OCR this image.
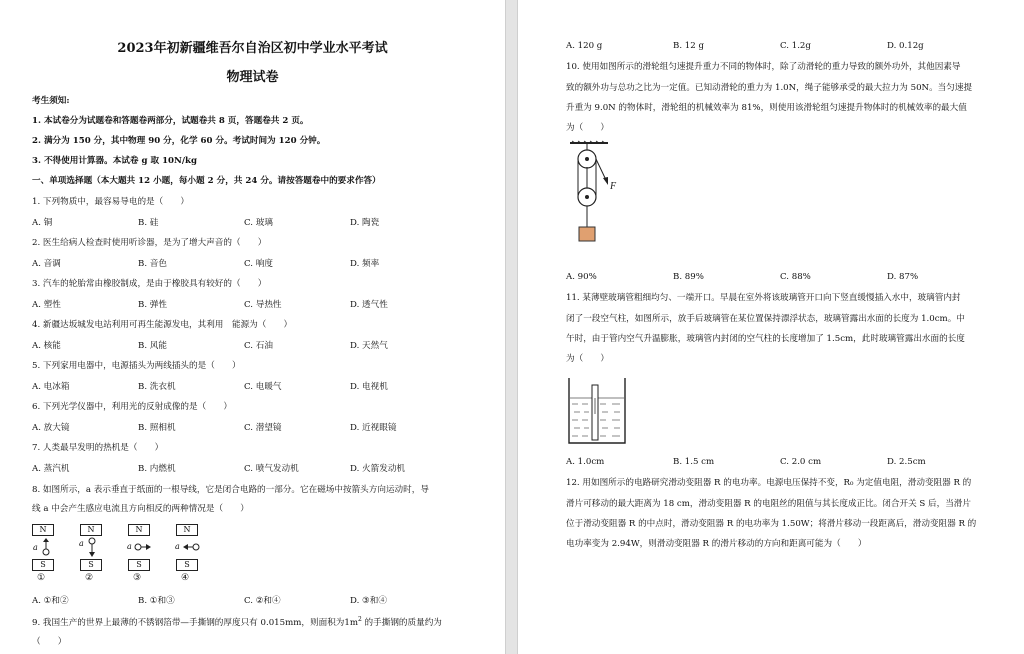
2023年初新疆维吾尔自治区初中学业水平考试
物理试卷
考生须知:
1. 本试卷分为试题卷和答题卷两部分，试题卷共 8 页，答题卷共 2 页。
2. 满分为 150 分，其中物理 90 分，化学 60 分。考试时间为 120 分钟。
3. 不得使用计算器。本试卷 g 取 10N/kg
一、单项选择题（本大题共 12 小题，每小题 2 分，共 24 分。请按答题卷中的要求作答）
1. 下列物质中，最容易导电的是（　　）
A. 铜	B. 硅	C. 玻璃	D. 陶瓷
2. 医生给病人检查时使用听诊器，是为了增大声音的（　　）
A. 音调	B. 音色	C. 响度	D. 频率
3. 汽车的轮胎常由橡胶制成，是由于橡胶具有较好的（　　）
A. 塑性	B. 弹性	C. 导热性	D. 透气性
4. 新疆达坂城发电站利用可再生能源发电，其利用　能源为（　　）
A. 核能	B. 风能	C. 石油	D. 天然气
5. 下列家用电器中，电源插头为两线插头的是（　　）
A. 电冰箱	B. 洗衣机	C. 电暖气	D. 电视机
6. 下列光学仪器中，利用光的反射成像的是（　　）
A. 放大镜	B. 照相机	C. 潜望镜	D. 近视眼镜
7. 人类最早发明的热机是（　　）
A. 蒸汽机	B. 内燃机	C. 喷气发动机	D. 火箭发动机
8. 如图所示，a 表示垂直于纸面的一根导线，它是闭合电路的一部分。它在磁场中按箭头方向运动时，导
线 a 中会产生感应电流且方向相反的两种情况是（　　）
N
S
a
①
N
S
a
②
N
S
a
③
N
S
a
④
A. ①和②	B. ①和③	C. ②和④	D. ③和④
9. 我国生产的世界上最薄的不锈钢箔带—手撕钢的厚度只有 0.015mm，则面积为$1m^2$ 的手撕钢的质量约为
（　　）
A. 120 g	B. 12 g	C. 1.2g	D. 0.12g
10. 使用如图所示的滑轮组匀速提升重力不同的物体时，除了动滑轮的重力导致的额外功外，其他因素导
致的额外功与总功之比为一定值。已知动滑轮的重力为 1.0N，绳子能够承受的最大拉力为 50N。当匀速提
升重为 9.0N 的物体时，滑轮组的机械效率为 81%，则使用该滑轮组匀速提升物体时的机械效率的最大值
为（　　）
F
A. 90%	B. 89%	C. 88%	D. 87%
11. 某薄壁玻璃管粗细均匀、一端开口。早晨在室外将该玻璃管开口向下竖直缓慢插入水中，玻璃管内封
闭了一段空气柱，如图所示，放手后玻璃管在某位置保持漂浮状态，玻璃管露出水面的长度为 1.0cm。中
午时，由于管内空气升温膨胀，玻璃管内封闭的空气柱的长度增加了 1.5cm，此时玻璃管露出水面的长度
为（　　）
A. 1.0cm	B. 1.5 cm	C. 2.0 cm	D. 2.5cm
12. 用如图所示的电路研究滑动变阻器 R 的电功率。电源电压保持不变，R₀ 为定值电阻，滑动变阻器 R 的
滑片可移动的最大距离为 18 cm，滑动变阻器 R 的电阻丝的阻值与其长度成正比。闭合开关 S 后，当滑片
位于滑动变阻器 R 的中点时，滑动变阻器 R 的电功率为 1.50W；将滑片移动一段距离后，滑动变阻器 R 的
电功率变为 2.94W，则滑动变阻器 R 的滑片移动的方向和距离可能为（　　）
